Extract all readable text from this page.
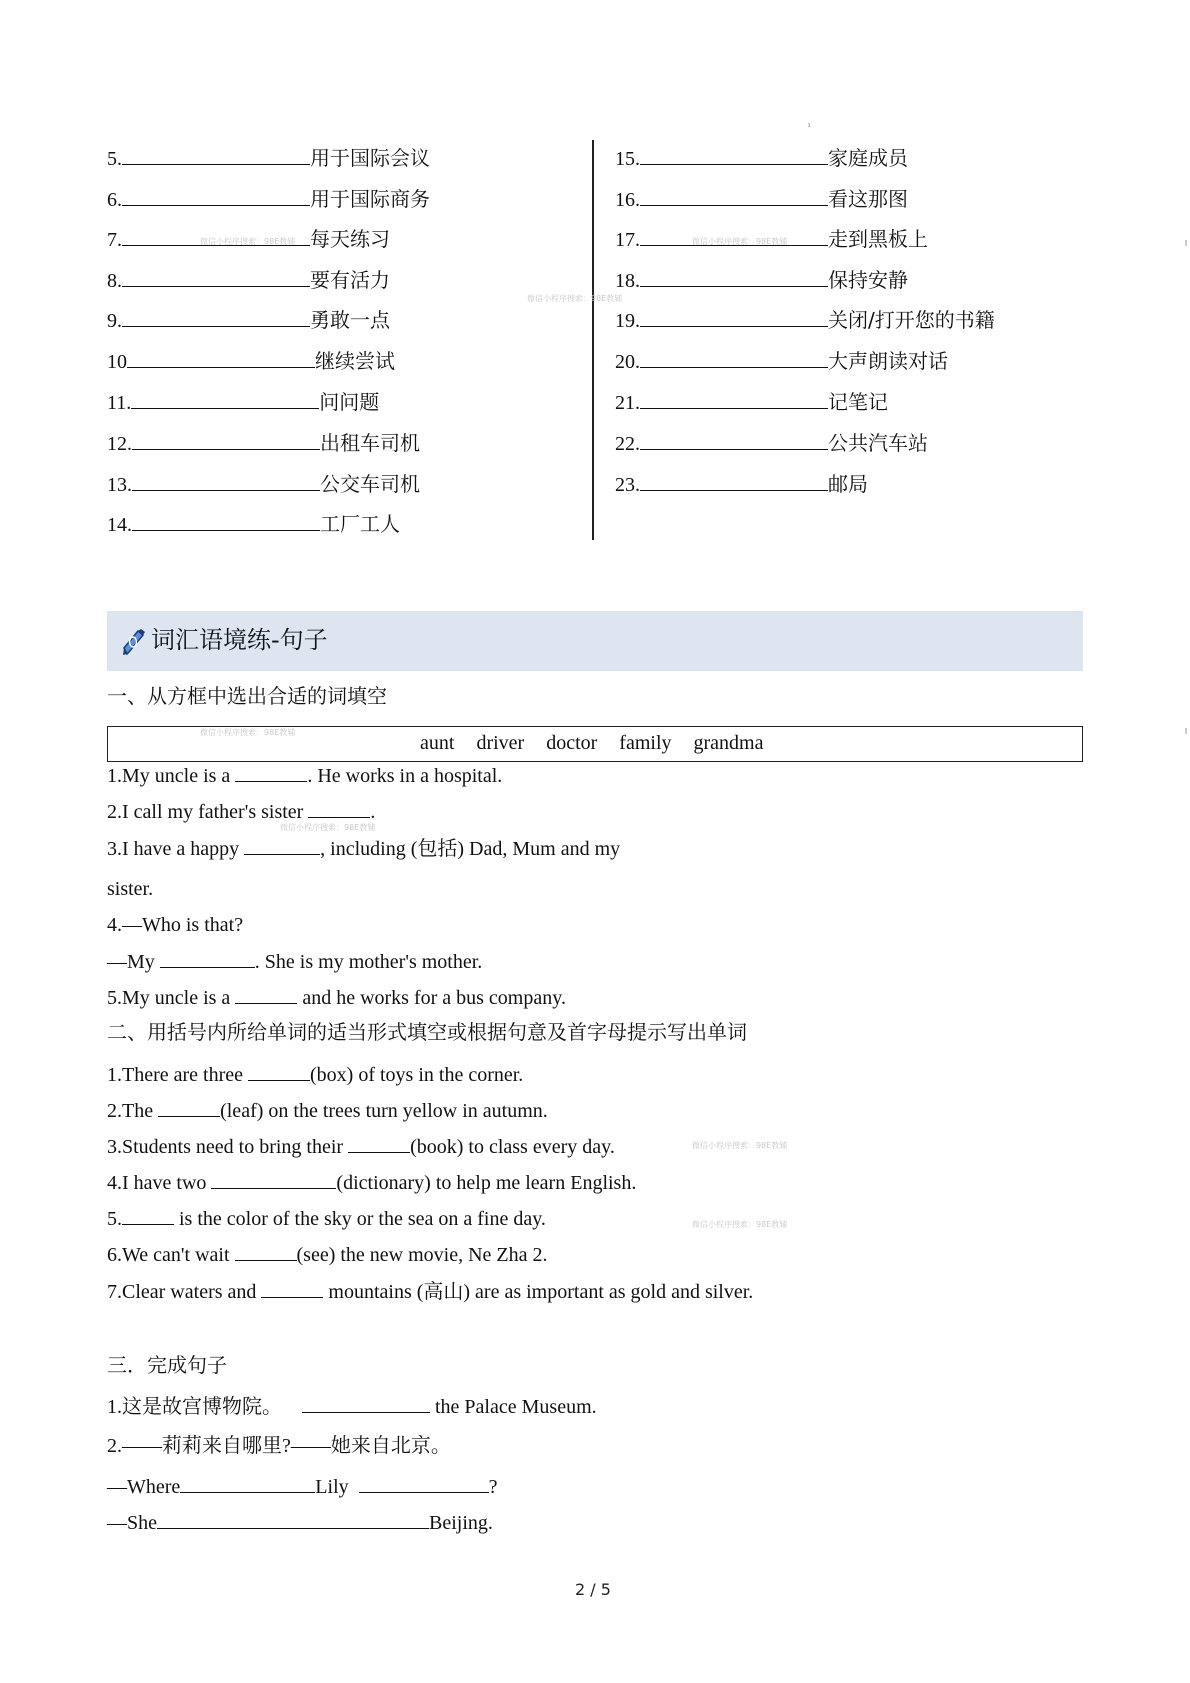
ı
5.	用于国际会议
6.	用于国际商务
7.	每天练习
8.	要有活力
9.	勇敢一点
10	继续尝试
11.	问问题
12.	出租车司机
13.	公交车司机
14.	工厂工人
15.	家庭成员
16.	看这那图
17.	走到黑板上
18.	保持安静
19.	关闭/打开您的书籍
20.	大声朗读对话
21.	记笔记
22.	公共汽车站
23.	邮局
微信小程序搜索：98E教辅	微信小程序搜索：98E教辅
微信小程序搜索：98E教辅
微信小程序搜索：98E教辅
微信小程序搜索：98E教辅
微信小程序搜索：98E教辅
微信小程序搜索：98E教辅
词汇语境练-句子
一、从方框中选出合适的词填空
aunt driver doctor family grandma
1.My uncle is a	. He works in a hospital.
2.I call my father's sister	.
3.I have a happy	, including (包括) Dad, Mum and my
sister.
4.—Who is that?
—My	. She is my mother's mother.
5.My uncle is a	and he works for a bus company.
二、用括号内所给单词的适当形式填空或根据句意及首字母提示写出单词
1.There are three	(box) of toys in the corner.
2.The	(leaf) on the trees turn yellow in autumn.
3.Students need to bring their	(book) to class every day.
4.I have two	(dictionary) to help me learn English.
5.	is the color of the sky or the sea on a fine day.
6.We can't wait	(see) the new movie, Ne Zha 2.
7.Clear waters and	mountains (高山) are as important as gold and silver.
三．完成句子
1.这是故宫博物院。	the Palace Museum.
2.——莉莉来自哪里?——她来自北京。
—Where	Lily	?
—She	Beijing.
2 / 5
